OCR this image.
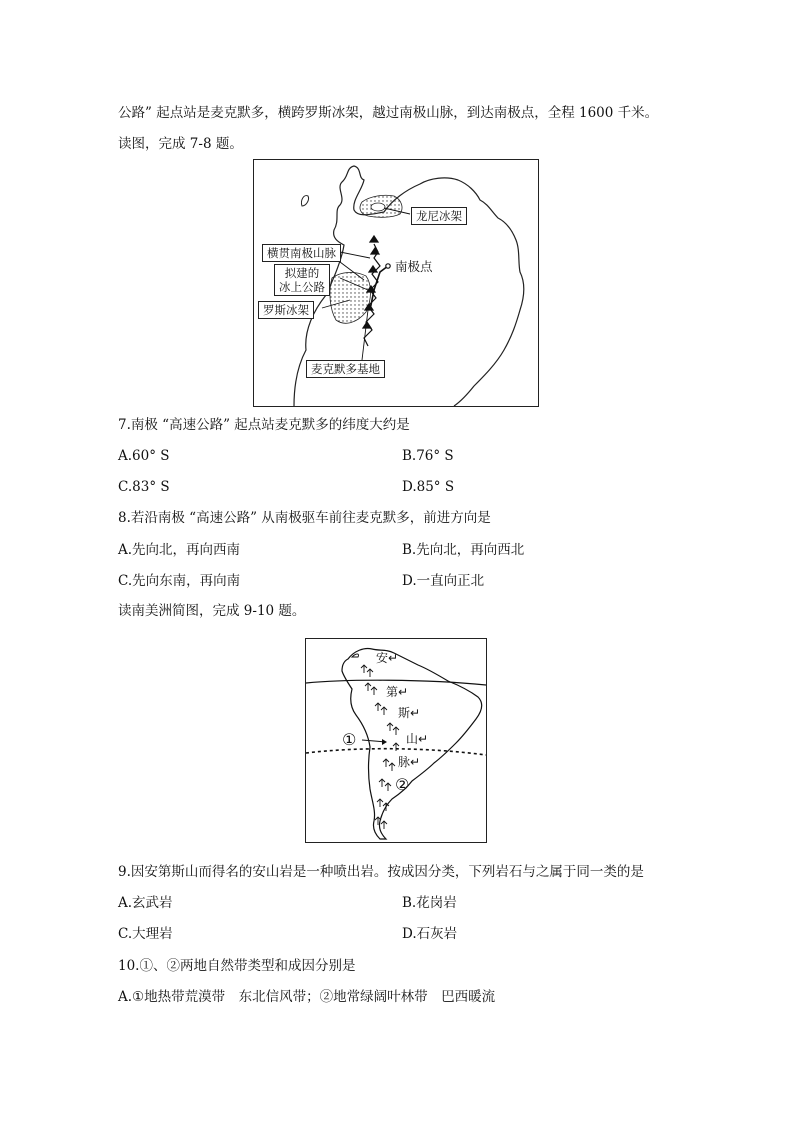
公路” 起点站是麦克默多，横跨罗斯冰架，越过南极山脉，到达南极点，全程 1600 千米。
读图，完成 7-8 题。
龙尼冰架
横贯南极山脉
拟建的
冰上公路
南极点
罗斯冰架
麦克默多基地
7.南极 “高速公路” 起点站麦克默多的纬度大约是
A.60° S	B.76° S
C.83° S	D.85° S
8.若沿南极 “高速公路” 从南极驱车前往麦克默多，前进方向是
A.先向北，再向西南	B.先向北，再向西北
C.先向东南，再向南	D.一直向正北
读南美洲简图，完成 9-10 题。
安↵
第↵
斯↵
山↵
脉↵
①
②
9.因安第斯山而得名的安山岩是一种喷出岩。按成因分类，下列岩石与之属于同一类的是
A.玄武岩	B.花岗岩
C.大理岩	D.石灰岩
10.①、②两地自然带类型和成因分别是
A.①地热带荒漠带　东北信风带；②地常绿阔叶林带　巴西暖流
